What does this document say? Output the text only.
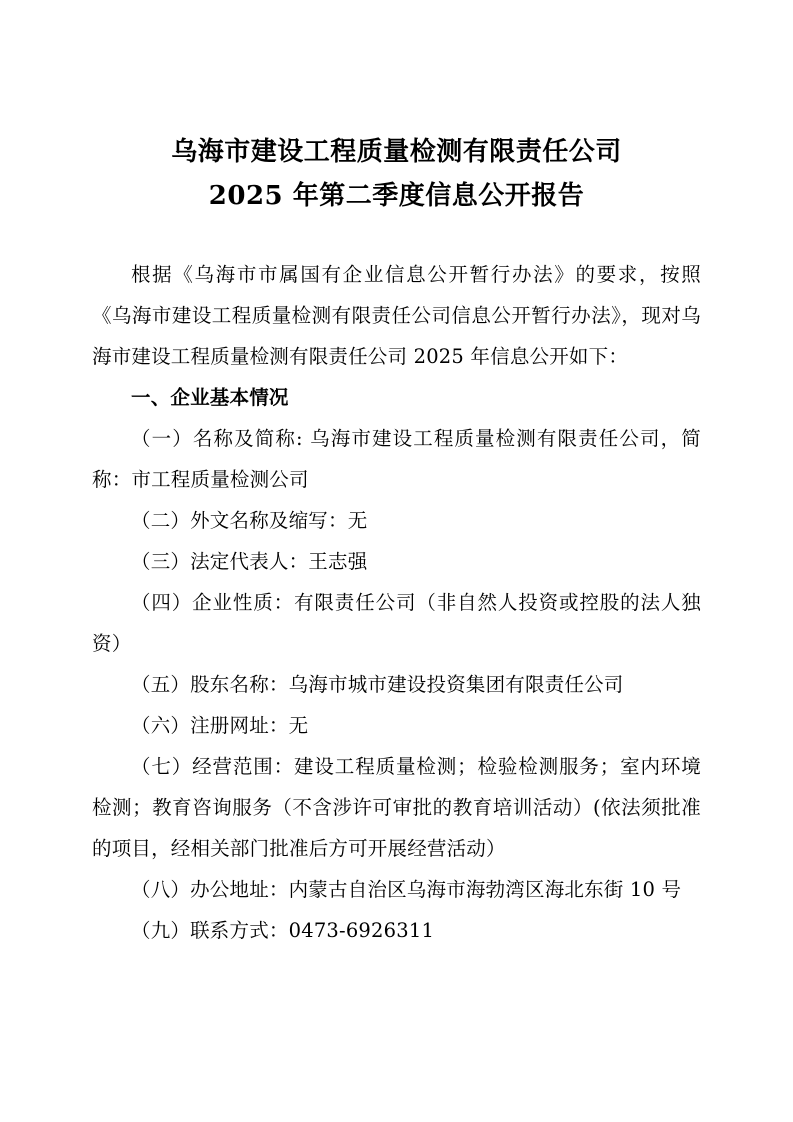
乌海市建设工程质量检测有限责任公司
2025 年第二季度信息公开报告

根据《乌海市市属国有企业信息公开暂行办法》的要求，按照《乌海市建设工程质量检测有限责任公司信息公开暂行办法》，现对乌海市建设工程质量检测有限责任公司 2025 年信息公开如下：

一、企业基本情况

（一）名称及简称: 乌海市建设工程质量检测有限责任公司，简称：市工程质量检测公司

（二）外文名称及缩写：无

（三）法定代表人：王志强

（四）企业性质：有限责任公司（非自然人投资或控股的法人独资）

（五）股东名称：乌海市城市建设投资集团有限责任公司

（六）注册网址：无

（七）经营范围：建设工程质量检测；检验检测服务；室内环境检测；教育咨询服务（不含涉许可审批的教育培训活动）(依法须批准的项目，经相关部门批准后方可开展经营活动）

（八）办公地址：内蒙古自治区乌海市海勃湾区海北东街 10 号

（九）联系方式：0473-6926311
